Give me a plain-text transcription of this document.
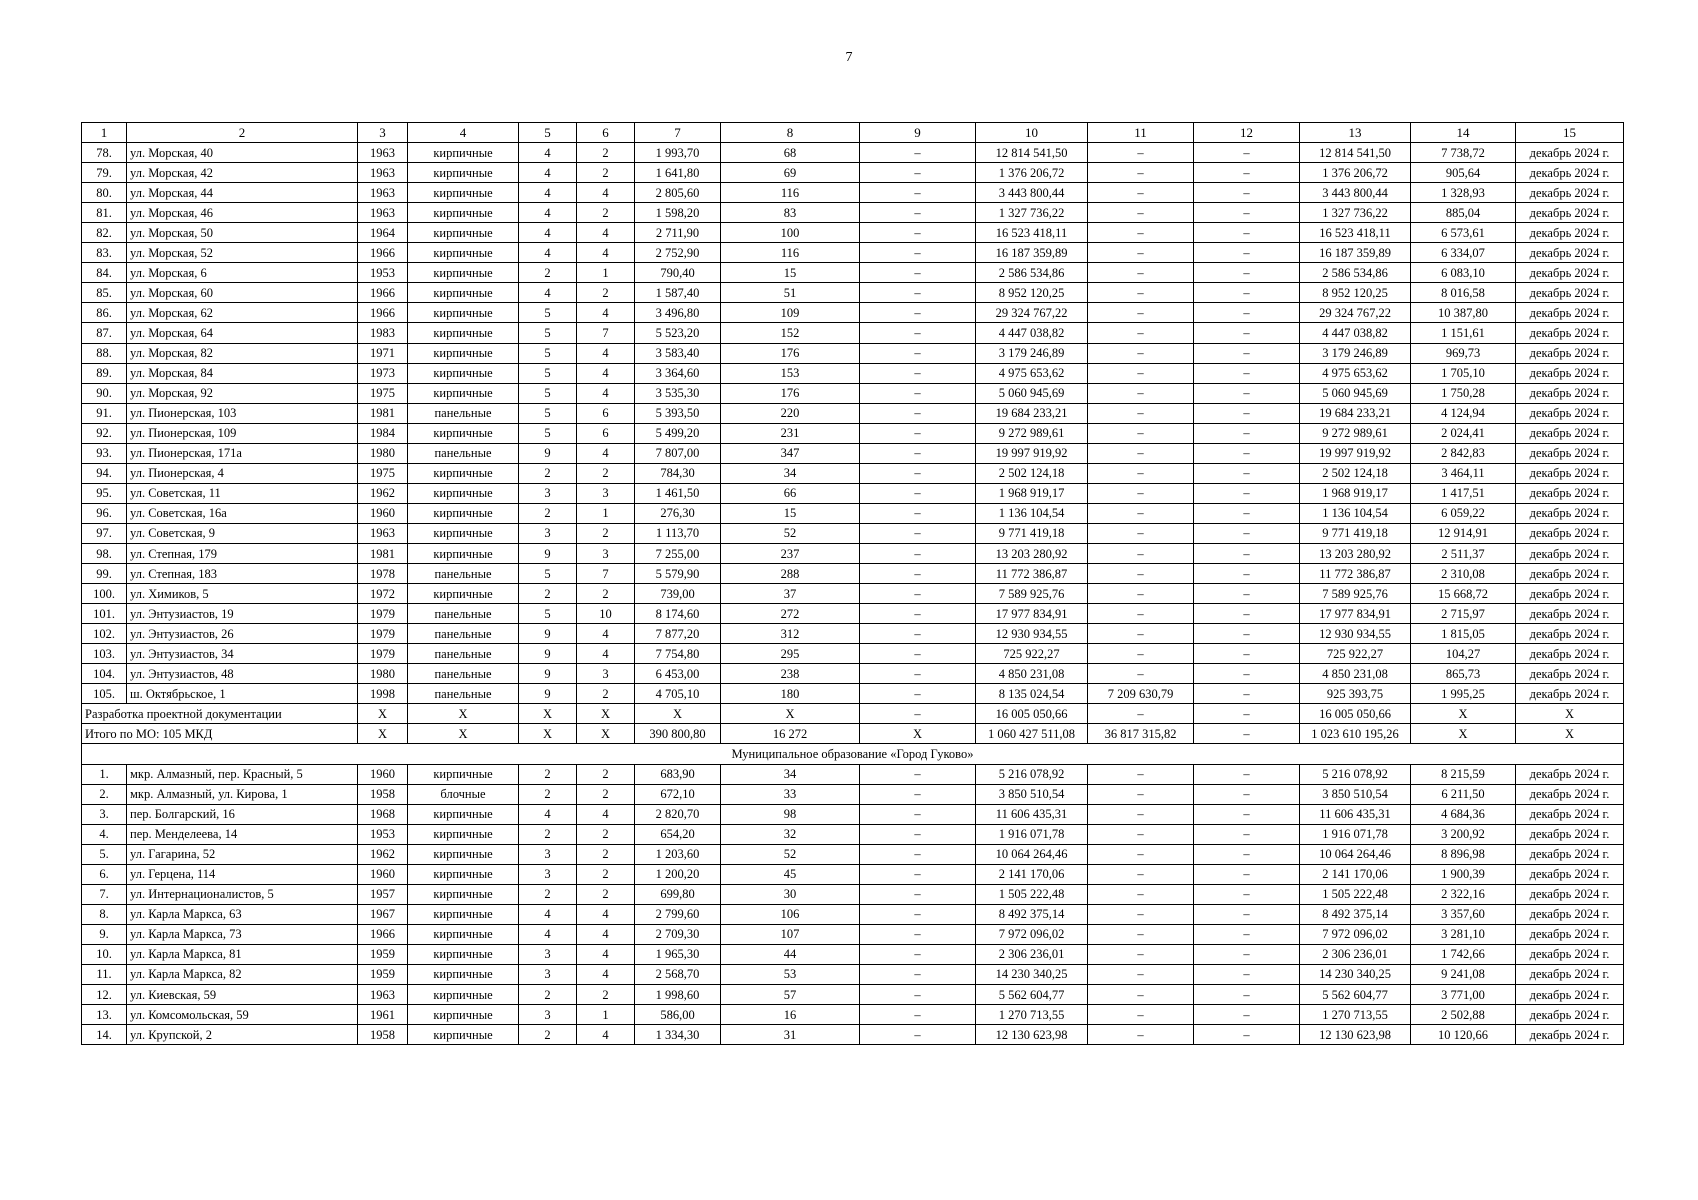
7
1	2	3	4	5	6	7	8	9	10	11	12	13	14	15
78.	ул. Морская, 40	1963	кирпичные	4	2	1 993,70	68	–	12 814 541,50	–	–	12 814 541,50	7 738,72	декабрь 2024 г.
79.	ул. Морская, 42	1963	кирпичные	4	2	1 641,80	69	–	1 376 206,72	–	–	1 376 206,72	905,64	декабрь 2024 г.
80.	ул. Морская, 44	1963	кирпичные	4	4	2 805,60	116	–	3 443 800,44	–	–	3 443 800,44	1 328,93	декабрь 2024 г.
81.	ул. Морская, 46	1963	кирпичные	4	2	1 598,20	83	–	1 327 736,22	–	–	1 327 736,22	885,04	декабрь 2024 г.
82.	ул. Морская, 50	1964	кирпичные	4	4	2 711,90	100	–	16 523 418,11	–	–	16 523 418,11	6 573,61	декабрь 2024 г.
83.	ул. Морская, 52	1966	кирпичные	4	4	2 752,90	116	–	16 187 359,89	–	–	16 187 359,89	6 334,07	декабрь 2024 г.
84.	ул. Морская, 6	1953	кирпичные	2	1	790,40	15	–	2 586 534,86	–	–	2 586 534,86	6 083,10	декабрь 2024 г.
85.	ул. Морская, 60	1966	кирпичные	4	2	1 587,40	51	–	8 952 120,25	–	–	8 952 120,25	8 016,58	декабрь 2024 г.
86.	ул. Морская, 62	1966	кирпичные	5	4	3 496,80	109	–	29 324 767,22	–	–	29 324 767,22	10 387,80	декабрь 2024 г.
87.	ул. Морская, 64	1983	кирпичные	5	7	5 523,20	152	–	4 447 038,82	–	–	4 447 038,82	1 151,61	декабрь 2024 г.
88.	ул. Морская, 82	1971	кирпичные	5	4	3 583,40	176	–	3 179 246,89	–	–	3 179 246,89	969,73	декабрь 2024 г.
89.	ул. Морская, 84	1973	кирпичные	5	4	3 364,60	153	–	4 975 653,62	–	–	4 975 653,62	1 705,10	декабрь 2024 г.
90.	ул. Морская, 92	1975	кирпичные	5	4	3 535,30	176	–	5 060 945,69	–	–	5 060 945,69	1 750,28	декабрь 2024 г.
91.	ул. Пионерская, 103	1981	панельные	5	6	5 393,50	220	–	19 684 233,21	–	–	19 684 233,21	4 124,94	декабрь 2024 г.
92.	ул. Пионерская, 109	1984	кирпичные	5	6	5 499,20	231	–	9 272 989,61	–	–	9 272 989,61	2 024,41	декабрь 2024 г.
93.	ул. Пионерская, 171а	1980	панельные	9	4	7 807,00	347	–	19 997 919,92	–	–	19 997 919,92	2 842,83	декабрь 2024 г.
94.	ул. Пионерская, 4	1975	кирпичные	2	2	784,30	34	–	2 502 124,18	–	–	2 502 124,18	3 464,11	декабрь 2024 г.
95.	ул. Советская, 11	1962	кирпичные	3	3	1 461,50	66	–	1 968 919,17	–	–	1 968 919,17	1 417,51	декабрь 2024 г.
96.	ул. Советская, 16а	1960	кирпичные	2	1	276,30	15	–	1 136 104,54	–	–	1 136 104,54	6 059,22	декабрь 2024 г.
97.	ул. Советская, 9	1963	кирпичные	3	2	1 113,70	52	–	9 771 419,18	–	–	9 771 419,18	12 914,91	декабрь 2024 г.
98.	ул. Степная, 179	1981	кирпичные	9	3	7 255,00	237	–	13 203 280,92	–	–	13 203 280,92	2 511,37	декабрь 2024 г.
99.	ул. Степная, 183	1978	панельные	5	7	5 579,90	288	–	11 772 386,87	–	–	11 772 386,87	2 310,08	декабрь 2024 г.
100.	ул. Химиков, 5	1972	кирпичные	2	2	739,00	37	–	7 589 925,76	–	–	7 589 925,76	15 668,72	декабрь 2024 г.
101.	ул. Энтузиастов, 19	1979	панельные	5	10	8 174,60	272	–	17 977 834,91	–	–	17 977 834,91	2 715,97	декабрь 2024 г.
102.	ул. Энтузиастов, 26	1979	панельные	9	4	7 877,20	312	–	12 930 934,55	–	–	12 930 934,55	1 815,05	декабрь 2024 г.
103.	ул. Энтузиастов, 34	1979	панельные	9	4	7 754,80	295	–	725 922,27	–	–	725 922,27	104,27	декабрь 2024 г.
104.	ул. Энтузиастов, 48	1980	панельные	9	3	6 453,00	238	–	4 850 231,08	–	–	4 850 231,08	865,73	декабрь 2024 г.
105.	ш. Октябрьское, 1	1998	панельные	9	2	4 705,10	180	–	8 135 024,54	7 209 630,79	–	925 393,75	1 995,25	декабрь 2024 г.
Разработка проектной документации		X	X	X	X	X	X	–	16 005 050,66	–	–	16 005 050,66	X	X
Итого по МО: 105 МКД		X	X	X	X	390 800,80	16 272	X	1 060 427 511,08	36 817 315,82	–	1 023 610 195,26	X	X
Муниципальное образование «Город Гуково»														
1.	мкр. Алмазный, пер. Красный, 5	1960	кирпичные	2	2	683,90	34	–	5 216 078,92	–	–	5 216 078,92	8 215,59	декабрь 2024 г.
2.	мкр. Алмазный, ул. Кирова, 1	1958	блочные	2	2	672,10	33	–	3 850 510,54	–	–	3 850 510,54	6 211,50	декабрь 2024 г.
3.	пер. Болгарский, 16	1968	кирпичные	4	4	2 820,70	98	–	11 606 435,31	–	–	11 606 435,31	4 684,36	декабрь 2024 г.
4.	пер. Менделеева, 14	1953	кирпичные	2	2	654,20	32	–	1 916 071,78	–	–	1 916 071,78	3 200,92	декабрь 2024 г.
5.	ул. Гагарина, 52	1962	кирпичные	3	2	1 203,60	52	–	10 064 264,46	–	–	10 064 264,46	8 896,98	декабрь 2024 г.
6.	ул. Герцена, 114	1960	кирпичные	3	2	1 200,20	45	–	2 141 170,06	–	–	2 141 170,06	1 900,39	декабрь 2024 г.
7.	ул. Интернационалистов, 5	1957	кирпичные	2	2	699,80	30	–	1 505 222,48	–	–	1 505 222,48	2 322,16	декабрь 2024 г.
8.	ул. Карла Маркса, 63	1967	кирпичные	4	4	2 799,60	106	–	8 492 375,14	–	–	8 492 375,14	3 357,60	декабрь 2024 г.
9.	ул. Карла Маркса, 73	1966	кирпичные	4	4	2 709,30	107	–	7 972 096,02	–	–	7 972 096,02	3 281,10	декабрь 2024 г.
10.	ул. Карла Маркса, 81	1959	кирпичные	3	4	1 965,30	44	–	2 306 236,01	–	–	2 306 236,01	1 742,66	декабрь 2024 г.
11.	ул. Карла Маркса, 82	1959	кирпичные	3	4	2 568,70	53	–	14 230 340,25	–	–	14 230 340,25	9 241,08	декабрь 2024 г.
12.	ул. Киевская, 59	1963	кирпичные	2	2	1 998,60	57	–	5 562 604,77	–	–	5 562 604,77	3 771,00	декабрь 2024 г.
13.	ул. Комсомольская, 59	1961	кирпичные	3	1	586,00	16	–	1 270 713,55	–	–	1 270 713,55	2 502,88	декабрь 2024 г.
14.	ул. Крупской, 2	1958	кирпичные	2	4	1 334,30	31	–	12 130 623,98	–	–	12 130 623,98	10 120,66	декабрь 2024 г.
